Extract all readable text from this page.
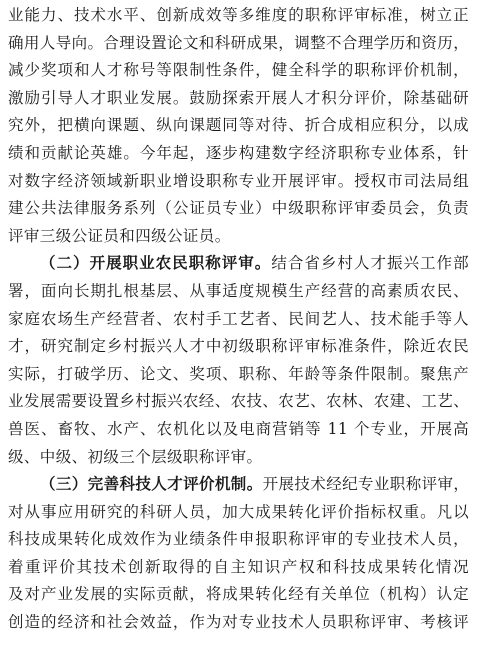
业能力、技术水平、创新成效等多维度的职称评审标准，树立正
确用人导向。合理设置论文和科研成果，调整不合理学历和资历，
减少奖项和人才称号等限制性条件，健全科学的职称评价机制，
激励引导人才职业发展。鼓励探索开展人才积分评价，除基础研
究外，把横向课题、纵向课题同等对待、折合成相应积分，以成
绩和贡献论英雄。今年起，逐步构建数字经济职称专业体系，针
对数字经济领域新职业增设职称专业开展评审。授权市司法局组
建公共法律服务系列（公证员专业）中级职称评审委员会，负责
评审三级公证员和四级公证员。
（二）开展职业农民职称评审。结合省乡村人才振兴工作部
署，面向长期扎根基层、从事适度规模生产经营的高素质农民、
家庭农场生产经营者、农村手工艺者、民间艺人、技术能手等人
才，研究制定乡村振兴人才中初级职称评审标准条件，除近农民
实际，打破学历、论文、奖项、职称、年龄等条件限制。聚焦产
业发展需要设置乡村振兴农经、农技、农艺、农林、农建、工艺、
兽医、畜牧、水产、农机化以及电商营销等 11 个专业，开展高
级、中级、初级三个层级职称评审。
（三）完善科技人才评价机制。开展技术经纪专业职称评审，
对从事应用研究的科研人员，加大成果转化评价指标权重。凡以
科技成果转化成效作为业绩条件申报职称评审的专业技术人员，
着重评价其技术创新取得的自主知识产权和科技成果转化情况
及对产业发展的实际贡献，将成果转化经有关单位（机构）认定
创造的经济和社会效益，作为对专业技术人员职称评审、考核评
